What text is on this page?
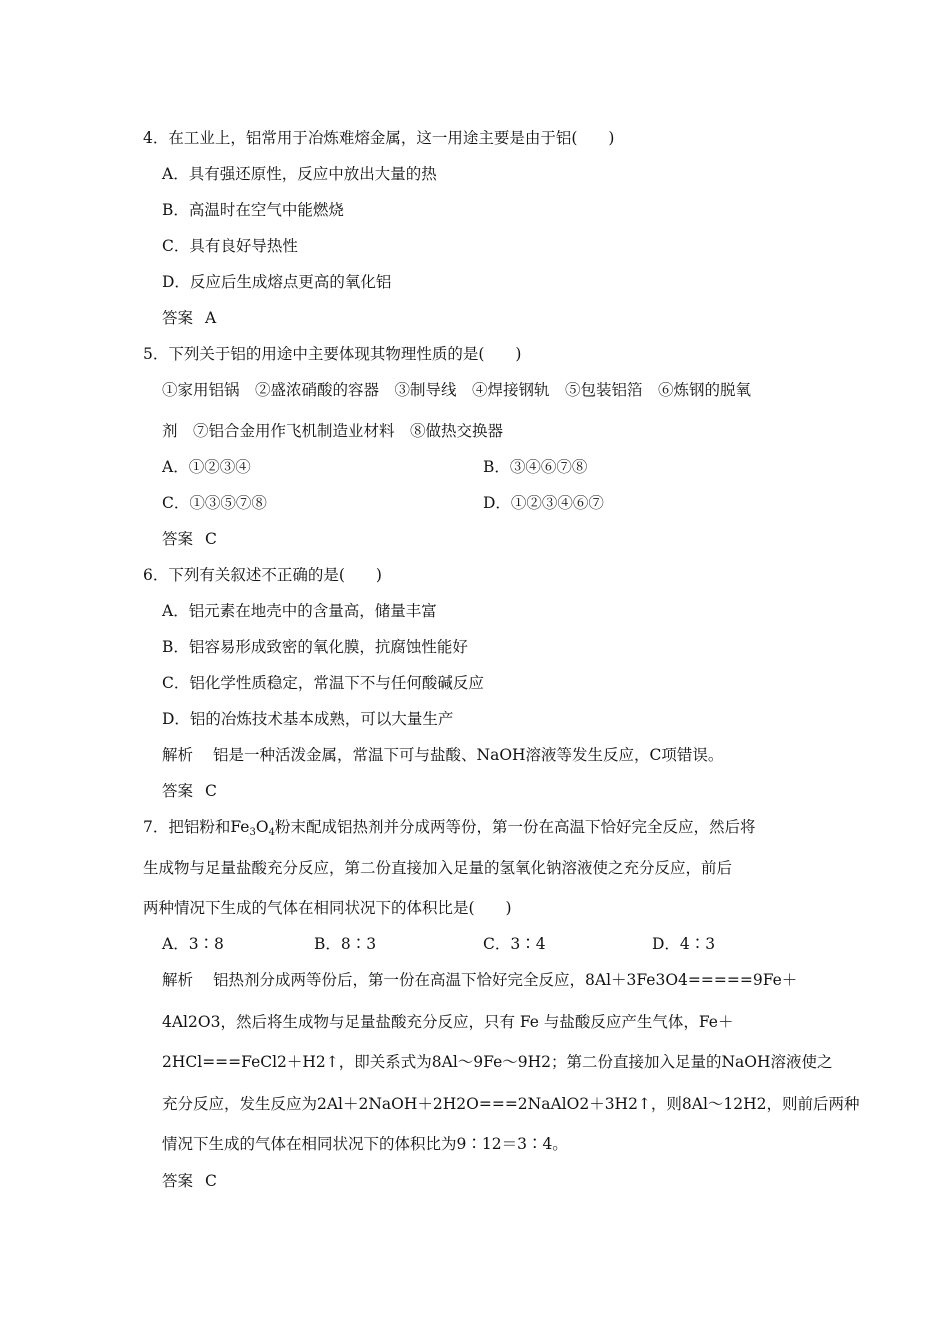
4．在工业上，铝常用于冶炼难熔金属，这一用途主要是由于铝(　　)
A．具有强还原性，反应中放出大量的热
B．高温时在空气中能燃烧
C．具有良好导热性
D．反应后生成熔点更高的氧化铝
答案 A
5．下列关于铝的用途中主要体现其物理性质的是(　　)
①家用铝锅　②盛浓硝酸的容器　③制导线　④焊接钢轨　⑤包装铝箔　⑥炼钢的脱氧
剂　⑦铝合金用作飞机制造业材料　⑧做热交换器
A．①②③④	B．③④⑥⑦⑧
C．①③⑤⑦⑧	D．①②③④⑥⑦
答案 C
6．下列有关叙述不正确的是(　　)
A．铝元素在地壳中的含量高，储量丰富
B．铝容易形成致密的氧化膜，抗腐蚀性能好
C．铝化学性质稳定，常温下不与任何酸碱反应
D．铝的冶炼技术基本成熟，可以大量生产
解析 铝是一种活泼金属，常温下可与盐酸、NaOH溶液等发生反应，C项错误。
答案 C
7．把铝粉和$Fe_3O_4$粉末配成铝热剂并分成两等份，第一份在高温下恰好完全反应，然后将
生成物与足量盐酸充分反应，第二份直接加入足量的氢氧化钠溶液使之充分反应，前后
两种情况下生成的气体在相同状况下的体积比是(　　)
A．3∶8	B．8∶3	C．3∶4	D．4∶3
解析 铝热剂分成两等份后，第一份在高温下恰好完全反应，8Al＋3Fe3O4=====9Fe＋
4Al2O3，然后将生成物与足量盐酸充分反应，只有 Fe 与盐酸反应产生气体，Fe＋
2HCl===FeCl2＋H2↑，即关系式为8Al～9Fe～9H2；第二份直接加入足量的NaOH溶液使之
充分反应，发生反应为2Al＋2NaOH＋2H2O===2NaAlO2＋3H2↑，则8Al～12H2，则前后两种
情况下生成的气体在相同状况下的体积比为9∶12＝3∶4。
答案 C
